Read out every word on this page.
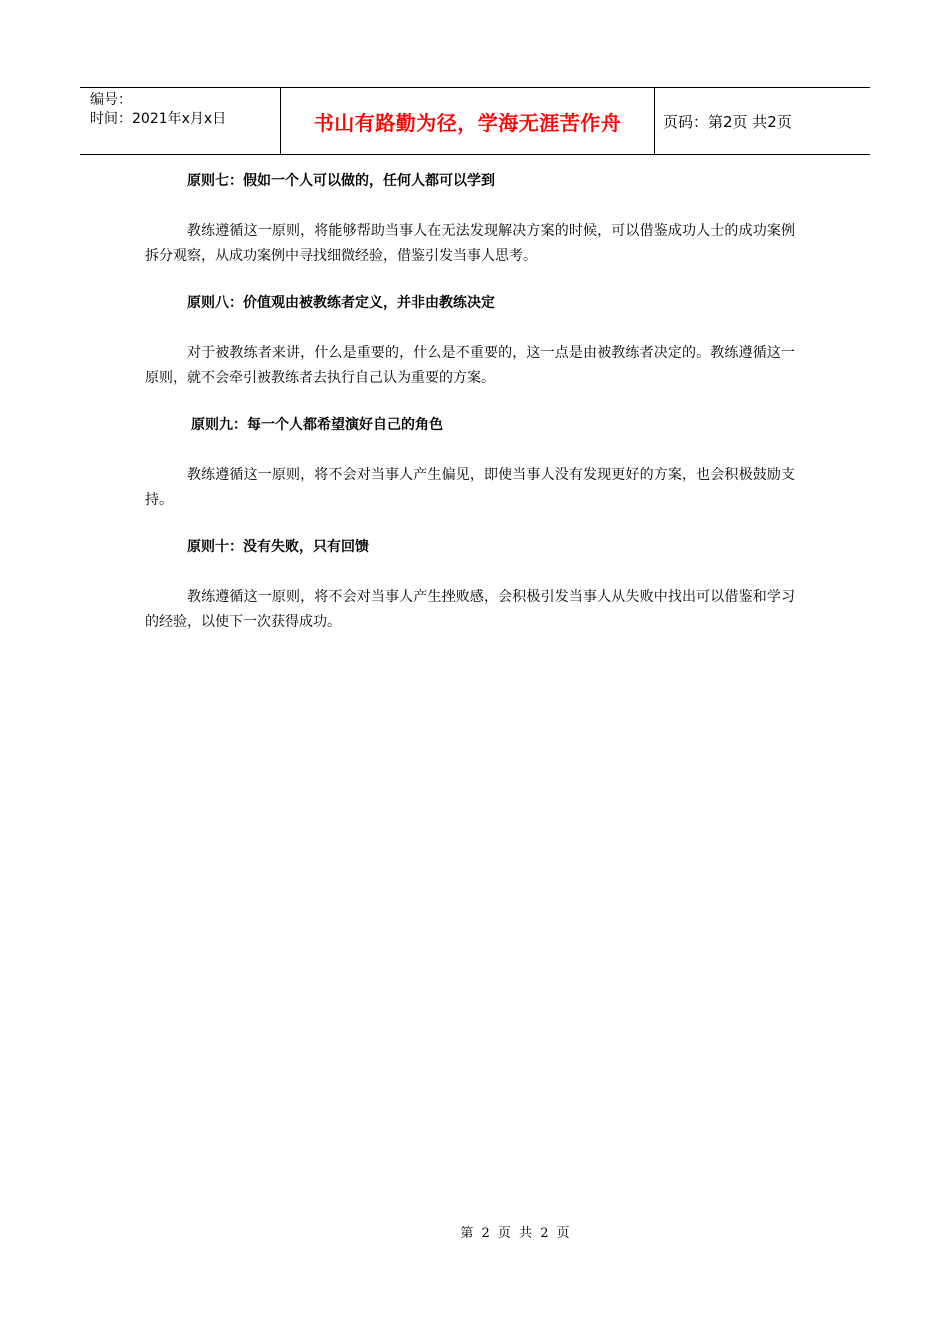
编号：
时间：2021年x月x日	书山有路勤为径，学海无涯苦作舟	页码：第2页 共2页

原则七：假如一个人可以做的，任何人都可以学到

教练遵循这一原则，将能够帮助当事人在无法发现解决方案的时候，可以借鉴成功人士的成功案例拆分观察，从成功案例中寻找细微经验，借鉴引发当事人思考。

原则八：价值观由被教练者定义，并非由教练决定

对于被教练者来讲，什么是重要的，什么是不重要的，这一点是由被教练者决定的。教练遵循这一原则，就不会牵引被教练者去执行自己认为重要的方案。

原则九：每一个人都希望演好自己的角色

教练遵循这一原则，将不会对当事人产生偏见，即使当事人没有发现更好的方案，也会积极鼓励支持。

原则十：没有失败，只有回馈

教练遵循这一原则，将不会对当事人产生挫败感，会积极引发当事人从失败中找出可以借鉴和学习的经验，以使下一次获得成功。

第 2 页 共 2 页
